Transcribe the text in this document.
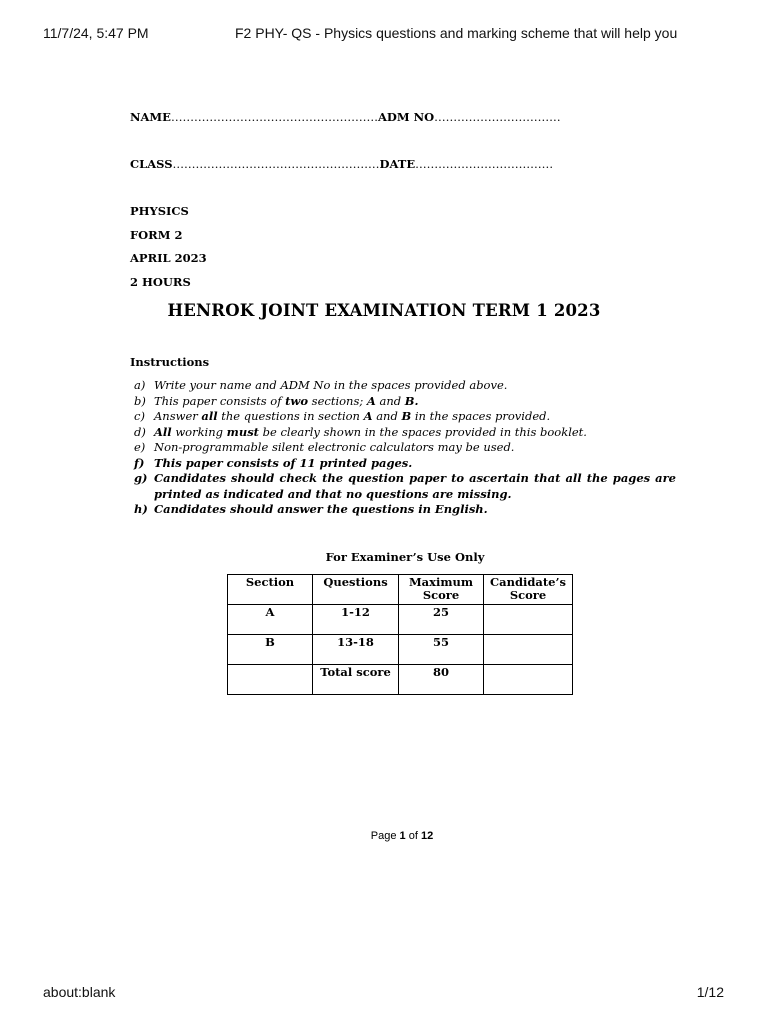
11/7/24, 5:47 PM	F2 PHY- QS - Physics questions and marking scheme that will help you
NAME………………………………………………ADM NO……………………………
CLASS………………………………………………DATE………………………………
PHYSICS
FORM 2
APRIL 2023
2 HOURS
HENROK JOINT EXAMINATION TERM 1 2023
Instructions
a) Write your name and ADM No in the spaces provided above.
b) This paper consists of two sections; A and B.
c) Answer all the questions in section A and B in the spaces provided.
d) All working must be clearly shown in the spaces provided in this booklet.
e) Non-programmable silent electronic calculators may be used.
f) This paper consists of 11 printed pages.
g) Candidates should check the question paper to ascertain that all the pages are printed as indicated and that no questions are missing.
h) Candidates should answer the questions in English.
For Examiner’s Use Only
Section	Questions	Maximum Score	Candidate’s Score
A	1-12	25	
B	13-18	55	
	Total score	80	
Page 1 of 12
about:blank	1/12
